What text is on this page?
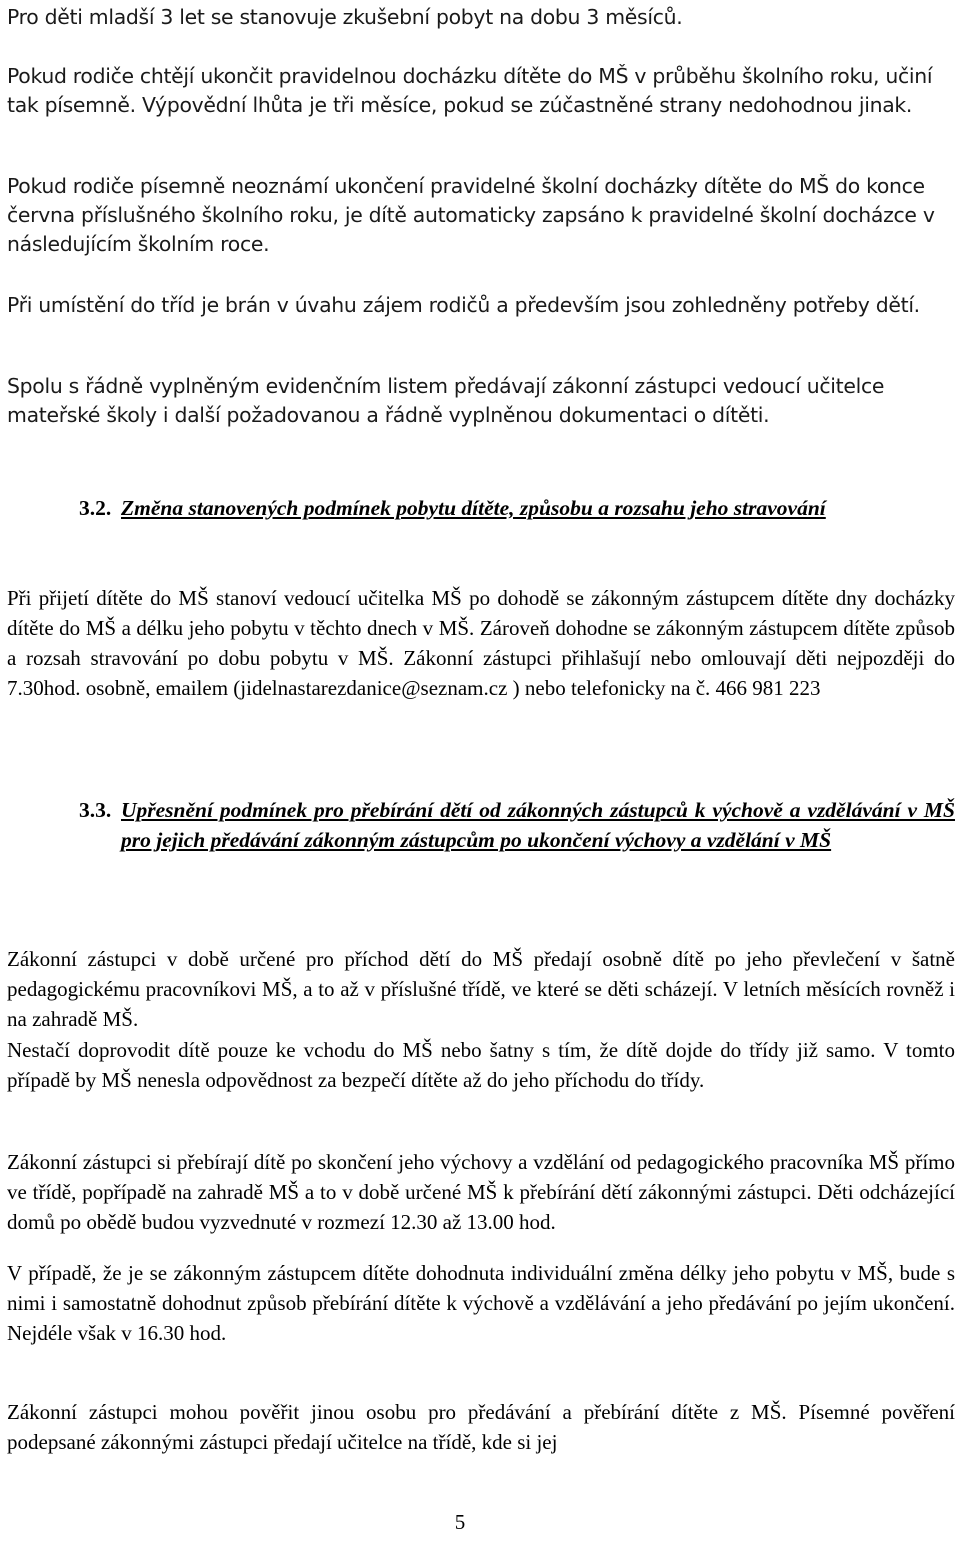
Pro děti mladší 3 let se stanovuje zkušební pobyt na dobu 3 měsíců.

Pokud rodiče chtějí ukončit pravidelnou docházku dítěte do MŠ v průběhu školního roku, učiní tak písemně. Výpovědní lhůta je tři měsíce, pokud se zúčastněné strany nedohodnou jinak.

Pokud rodiče písemně neoznámí ukončení pravidelné školní docházky dítěte do MŠ do konce června příslušného školního roku, je dítě automaticky zapsáno k pravidelné školní docházce v následujícím školním roce.

Při umístění do tříd je brán v úvahu zájem rodičů a především jsou zohledněny potřeby dětí.

Spolu s řádně vyplněným evidenčním listem předávají zákonní zástupci vedoucí učitelce mateřské školy i další požadovanou a řádně vyplněnou dokumentaci o dítěti.

3.2. Změna stanovených podmínek pobytu dítěte, způsobu a rozsahu jeho stravování

Při přijetí dítěte do MŠ stanoví vedoucí učitelka MŠ po dohodě se zákonným zástupcem dítěte dny docházky dítěte do MŠ a délku jeho pobytu v těchto dnech v MŠ. Zároveň dohodne se zákonným zástupcem dítěte způsob a rozsah stravování po dobu pobytu v MŠ. Zákonní zástupci přihlašují nebo omlouvají děti nejpozději do 7.30hod. osobně, emailem (jidelnastarezdanice@seznam.cz ) nebo telefonicky na č. 466 981 223

3.3. Upřesnění podmínek pro přebírání dětí od zákonných zástupců k výchově a vzdělávání v MŠ pro jejich předávání zákonným zástupcům po ukončení výchovy a vzdělání v MŠ

Zákonní zástupci v době určené pro příchod dětí do MŠ předají osobně dítě po jeho převlečení v šatně pedagogickému pracovníkovi MŠ, a to až v příslušné třídě, ve které se děti scházejí. V letních měsících rovněž i na zahradě MŠ.

Nestačí doprovodit dítě pouze ke vchodu do MŠ nebo šatny s tím, že dítě dojde do třídy již samo. V tomto případě by MŠ nenesla odpovědnost za bezpečí dítěte až do jeho příchodu do třídy.

Zákonní zástupci si přebírají dítě po skončení jeho výchovy a vzdělání od pedagogického pracovníka MŠ přímo ve třídě, popřípadě na zahradě MŠ a to v době určené MŠ k přebírání dětí zákonnými zástupci. Děti odcházející domů po obědě budou vyzvednuté v rozmezí 12.30 až 13.00 hod.

V případě, že je se zákonným zástupcem dítěte dohodnuta individuální změna délky jeho pobytu v MŠ, bude s nimi i samostatně dohodnut způsob přebírání dítěte k výchově a vzdělávání a jeho předávání po jejím ukončení. Nejdéle však v 16.30 hod.

Zákonní zástupci mohou pověřit jinou osobu pro předávání a přebírání dítěte z MŠ. Písemné pověření podepsané zákonnými zástupci předají učitelce na třídě, kde si jej

5
